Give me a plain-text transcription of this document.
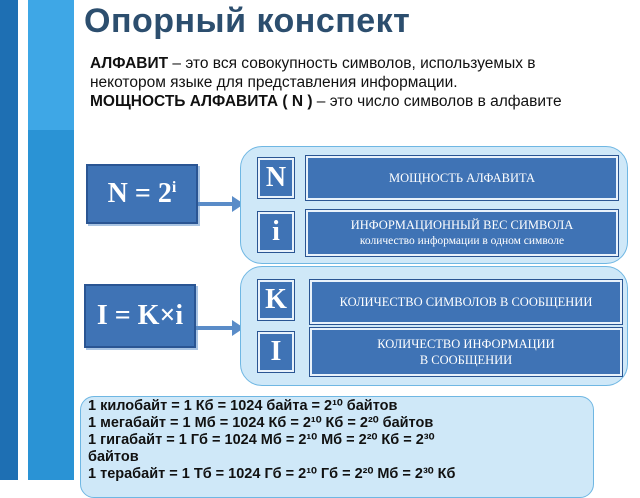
Опорный конспект
АЛФАВИТ – это вся совокупность символов, используемых в некотором языке для представления информации.
МОЩНОСТЬ АЛФАВИТА ( N ) – это число символов в алфавите
$N = 2^i$
I = K×i
N	МОЩНОСТЬ АЛФАВИТА
i	ИНФОРМАЦИОННЫЙ ВЕС СИМВОЛА
количество информации в одном символе
K	КОЛИЧЕСТВО СИМВОЛОВ В СООБЩЕНИИ
I	КОЛИЧЕСТВО ИНФОРМАЦИИ
В СООБЩЕНИИ
1 килобайт = 1 Кб = 1024 байта = 2¹⁰ байтов
1 мегабайт = 1 Мб = 1024 Кб = 2¹⁰ Кб = 2²⁰ байтов
1 гигабайт = 1 Гб = 1024 Мб = 2¹⁰ Мб = 2²⁰ Кб = 2³⁰
байтов
1 терабайт = 1 Тб = 1024 Гб = 2¹⁰ Гб = 2²⁰ Мб = 2³⁰ Кб
